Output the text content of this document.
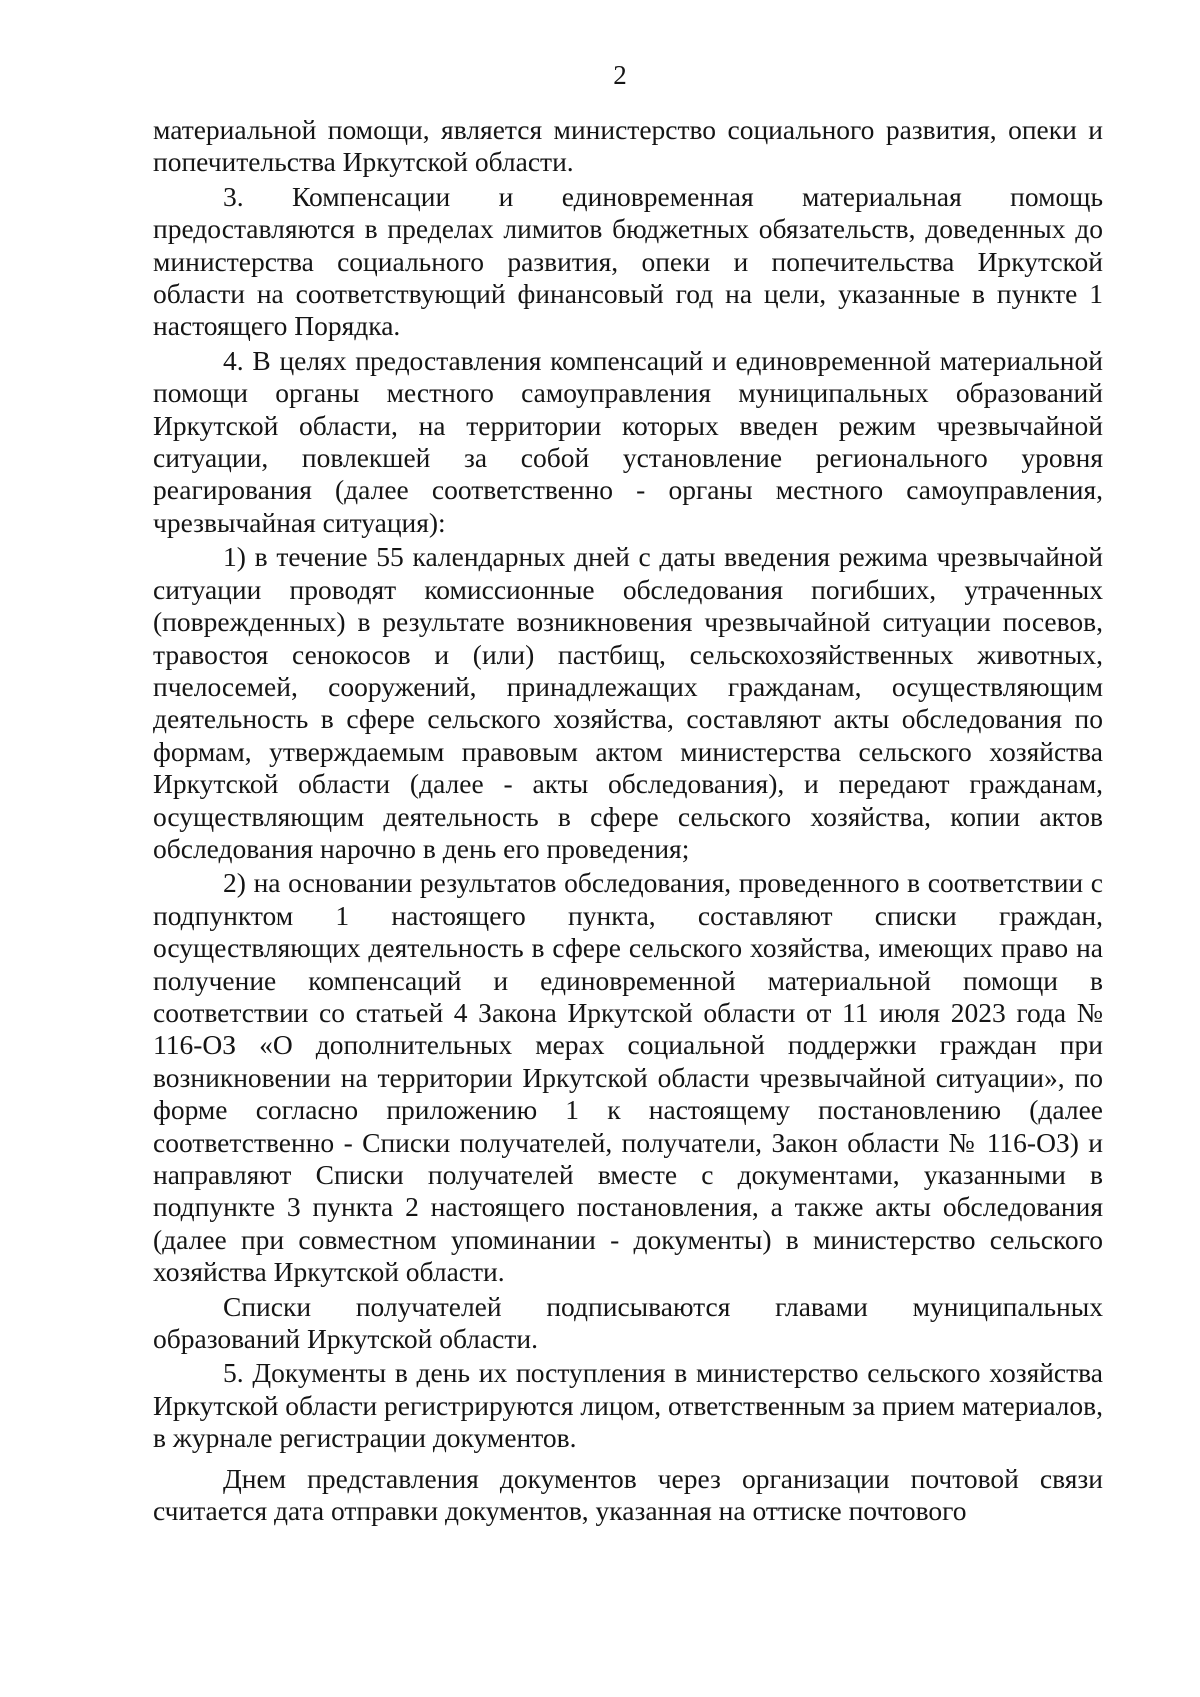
2

материальной помощи, является министерство социального развития, опеки и попечительства Иркутской области.

3. Компенсации и единовременная материальная помощь предоставляются в пределах лимитов бюджетных обязательств, доведенных до министерства социального развития, опеки и попечительства Иркутской области на соответствующий финансовый год на цели, указанные в пункте 1 настоящего Порядка.

4. В целях предоставления компенсаций и единовременной материальной помощи органы местного самоуправления муниципальных образований Иркутской области, на территории которых введен режим чрезвычайной ситуации, повлекшей за собой установление регионального уровня реагирования (далее соответственно - органы местного самоуправления, чрезвычайная ситуация):

1) в течение 55 календарных дней с даты введения режима чрезвычайной ситуации проводят комиссионные обследования погибших, утраченных (поврежденных) в результате возникновения чрезвычайной ситуации посевов, травостоя сенокосов и (или) пастбищ, сельскохозяйственных животных, пчелосемей, сооружений, принадлежащих гражданам, осуществляющим деятельность в сфере сельского хозяйства, составляют акты обследования по формам, утверждаемым правовым актом министерства сельского хозяйства Иркутской области (далее - акты обследования), и передают гражданам, осуществляющим деятельность в сфере сельского хозяйства, копии актов обследования нарочно в день его проведения;

2) на основании результатов обследования, проведенного в соответствии с подпунктом 1 настоящего пункта, составляют списки граждан, осуществляющих деятельность в сфере сельского хозяйства, имеющих право на получение компенсаций и единовременной материальной помощи в соответствии со статьей 4 Закона Иркутской области от 11 июля 2023 года № 116-ОЗ «О дополнительных мерах социальной поддержки граждан при возникновении на территории Иркутской области чрезвычайной ситуации», по форме согласно приложению 1 к настоящему постановлению (далее соответственно - Списки получателей, получатели, Закон области № 116-ОЗ) и направляют Списки получателей вместе с документами, указанными в подпункте 3 пункта 2 настоящего постановления, а также акты обследования (далее при совместном упоминании - документы) в министерство сельского хозяйства Иркутской области.

Списки получателей подписываются главами муниципальных образований Иркутской области.

5. Документы в день их поступления в министерство сельского хозяйства Иркутской области регистрируются лицом, ответственным за прием материалов, в журнале регистрации документов.

Днем представления документов через организации почтовой связи считается дата отправки документов, указанная на оттиске почтового
